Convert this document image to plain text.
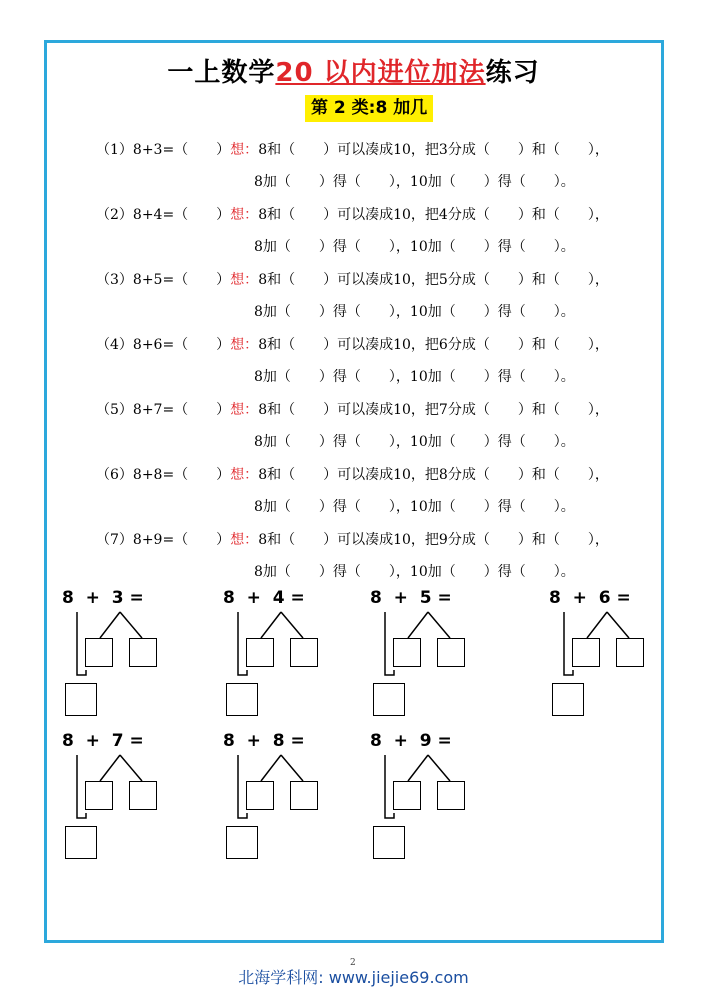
一上数学20 以内进位加法练习
第 2 类:8 加几
（1）8+3=（　　）想：8和（　　）可以凑成10，把3分成（　　）和（　　），
8加（　　）得（　　），10加（　　）得（　　）。
（2）8+4=（　　）想：8和（　　）可以凑成10，把4分成（　　）和（　　），
8加（　　）得（　　），10加（　　）得（　　）。
（3）8+5=（　　）想：8和（　　）可以凑成10，把5分成（　　）和（　　），
8加（　　）得（　　），10加（　　）得（　　）。
（4）8+6=（　　）想：8和（　　）可以凑成10，把6分成（　　）和（　　），
8加（　　）得（　　），10加（　　）得（　　）。
（5）8+7=（　　）想：8和（　　）可以凑成10，把7分成（　　）和（　　），
8加（　　）得（　　），10加（　　）得（　　）。
（6）8+8=（　　）想：8和（　　）可以凑成10，把8分成（　　）和（　　），
8加（　　）得（　　），10加（　　）得（　　）。
（7）8+9=（　　）想：8和（　　）可以凑成10，把9分成（　　）和（　　），
8加（　　）得（　　），10加（　　）得（　　）。
8  +  3 =	8  +  4 =	8  +  5 =	8  +  6 =
8  +  7 =	8  +  8 =	8  +  9 =
2
北海学科网: www.jiejie69.com
